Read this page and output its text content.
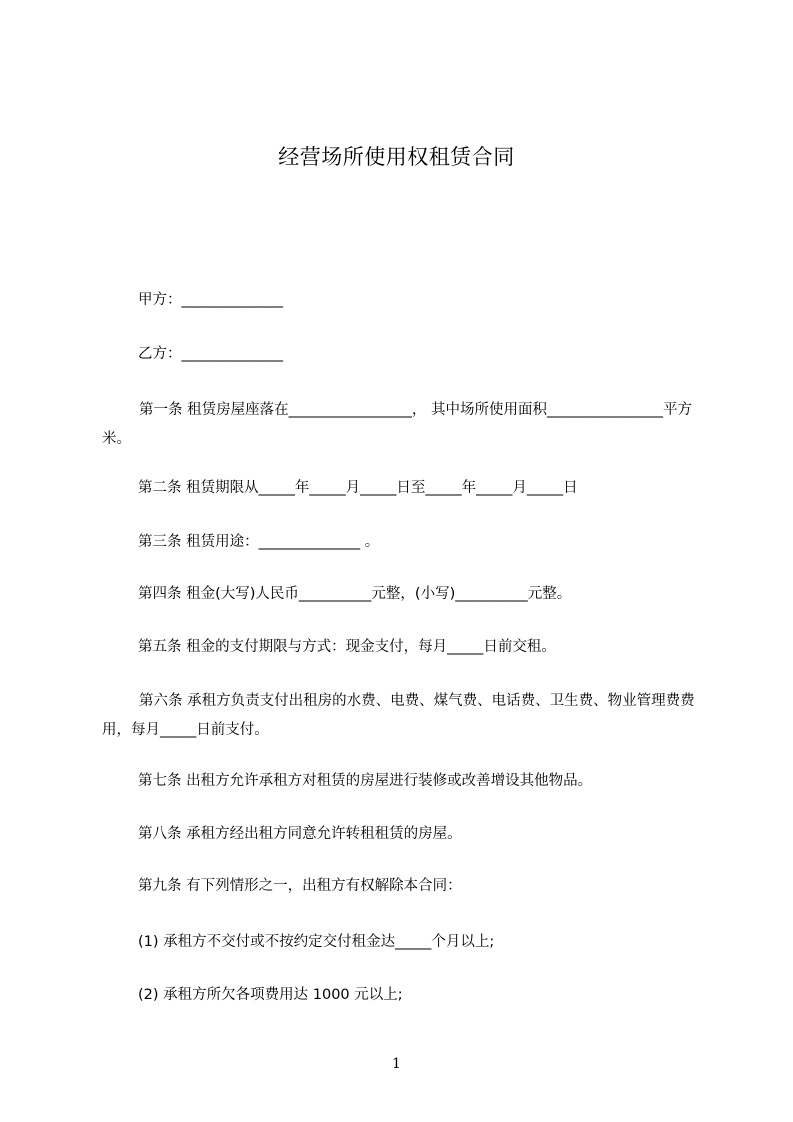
经营场所使用权租赁合同
甲方：______________
乙方：______________
第一条 租赁房屋座落在_________________， 其中场所使用面积________________平方米。
第二条 租赁期限从_____年_____月_____日至_____年_____月_____日
第三条 租赁用途：______________ 。
第四条 租金(大写)人民币__________元整，(小写)__________元整。
第五条 租金的支付期限与方式：现金支付，每月_____日前交租。
第六条 承租方负责支付出租房的水费、电费、煤气费、电话费、卫生费、物业管理费费用，每月_____日前支付。
第七条 出租方允许承租方对租赁的房屋进行装修或改善增设其他物品。
第八条 承租方经出租方同意允许转租租赁的房屋。
第九条 有下列情形之一，出租方有权解除本合同：
(1) 承租方不交付或不按约定交付租金达_____个月以上;
(2) 承租方所欠各项费用达 1000 元以上;
1
